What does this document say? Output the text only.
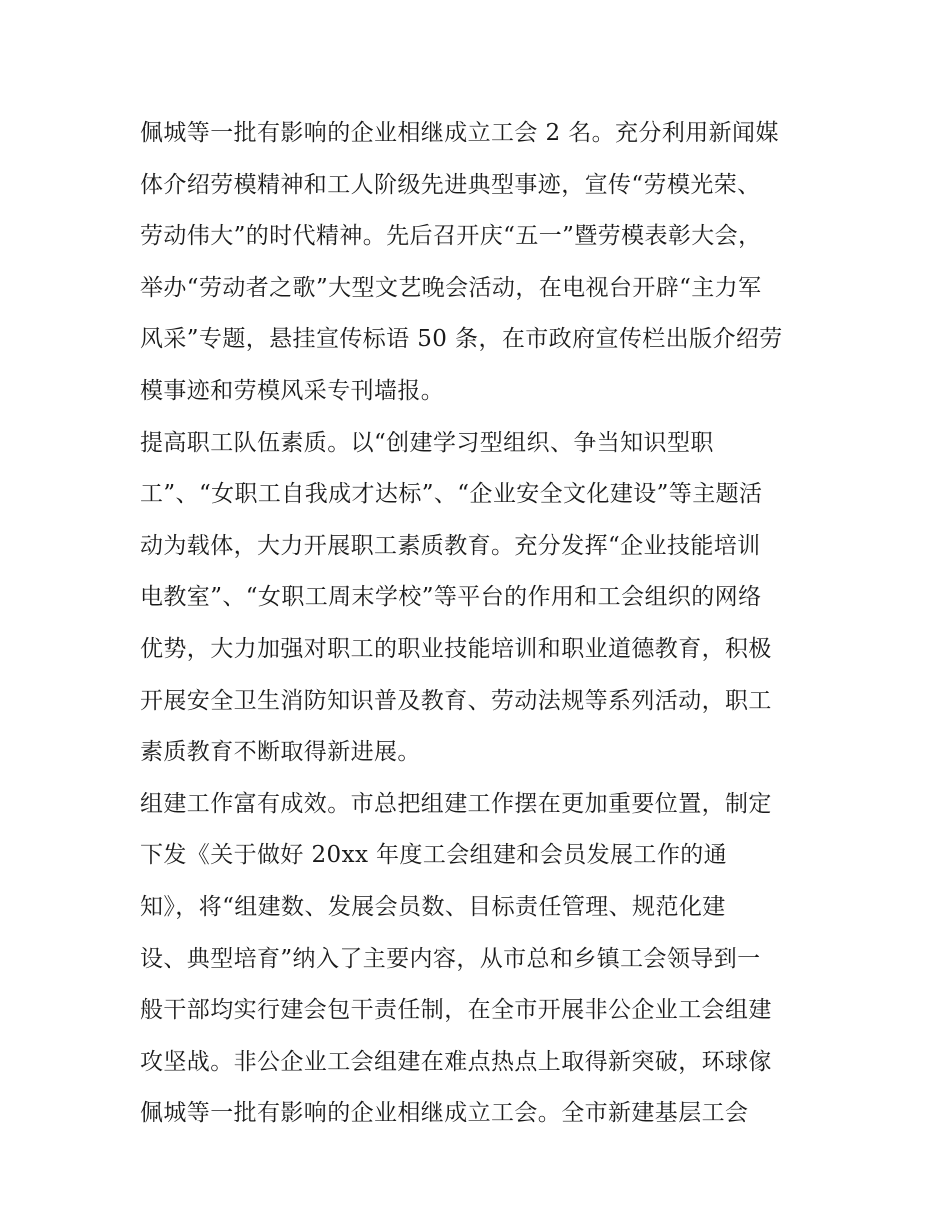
佩城等一批有影响的企业相继成立工会 2 名。充分利用新闻媒
体介绍劳模精神和工人阶级先进典型事迹，宣传“劳模光荣、
劳动伟大”的时代精神。先后召开庆“五一”暨劳模表彰大会，
举办“劳动者之歌”大型文艺晚会活动，在电视台开辟“主力军
风采”专题，悬挂宣传标语 50 条，在市政府宣传栏出版介绍劳
模事迹和劳模风采专刊墙报。
提高职工队伍素质。以“创建学习型组织、争当知识型职
工”、“女职工自我成才达标”、“企业安全文化建设”等主题活
动为载体，大力开展职工素质教育。充分发挥“企业技能培训
电教室”、“女职工周末学校”等平台的作用和工会组织的网络
优势，大力加强对职工的职业技能培训和职业道德教育，积极
开展安全卫生消防知识普及教育、劳动法规等系列活动，职工
素质教育不断取得新进展。
组建工作富有成效。市总把组建工作摆在更加重要位置，制定
下发《关于做好 20xx 年度工会组建和会员发展工作的通
知》，将“组建数、发展会员数、目标责任管理、规范化建
设、典型培育”纳入了主要内容，从市总和乡镇工会领导到一
般干部均实行建会包干责任制，在全市开展非公企业工会组建
攻坚战。非公企业工会组建在难点热点上取得新突破，环球傢
佩城等一批有影响的企业相继成立工会。全市新建基层工会
